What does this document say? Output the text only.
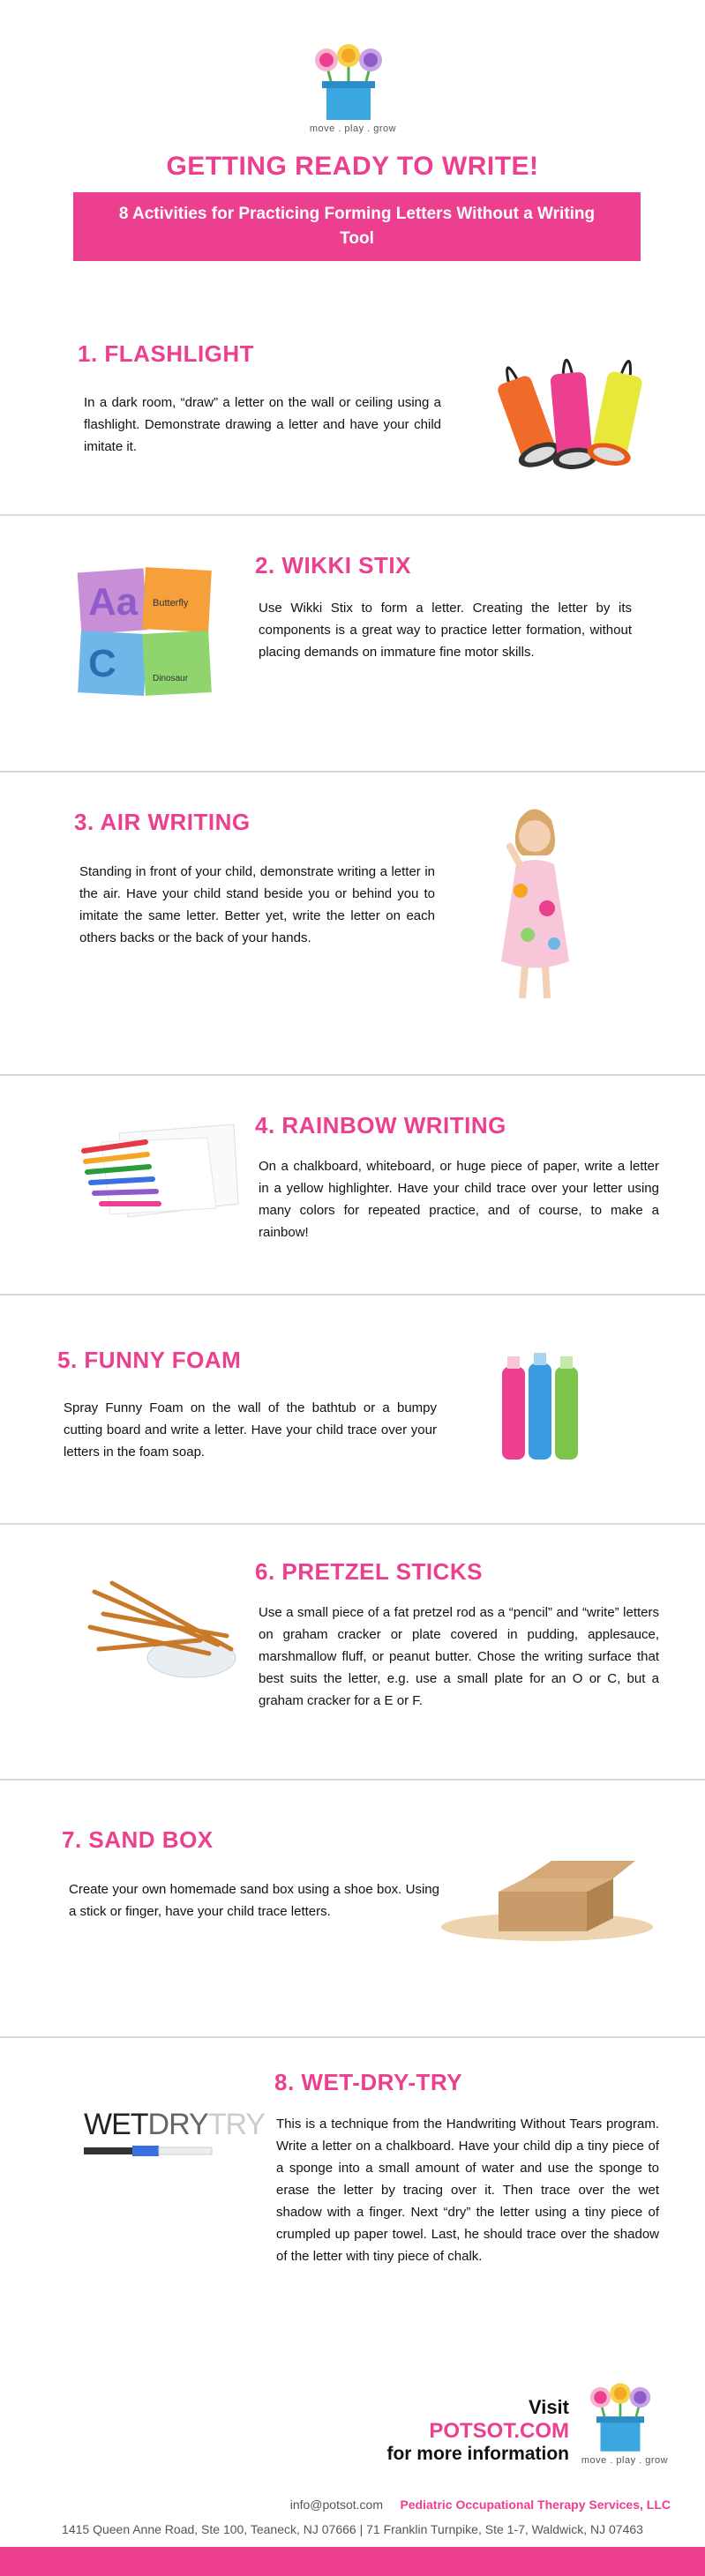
move . play . grow
GETTING READY TO WRITE!
8 Activities for Practicing Forming Letters Without a Writing Tool
1. FLASHLIGHT
In a dark room, “draw” a letter on the wall or ceiling using a flashlight. Demonstrate drawing a letter and have your child imitate it.
Aa Butterfly
C	Dinosaur
2. WIKKI STIX
Use Wikki Stix to form a letter. Creating the letter by its components is a great way to practice letter formation, without placing demands on immature fine motor skills.
3. AIR WRITING
Standing in front of your child, demonstrate writing a letter in the air. Have your child stand beside you or behind you to imitate the same letter. Better yet, write the letter on each others backs or the back of your hands.
4. RAINBOW WRITING
On a chalkboard, whiteboard, or huge piece of paper, write a letter in a yellow highlighter. Have your child trace over your letter using many colors for repeated practice, and of course, to make a rainbow!
5. FUNNY FOAM
Spray Funny Foam on the wall of the bathtub or a bumpy cutting board and write a letter. Have your child trace over your letters in the foam soap.
6. PRETZEL STICKS
Use a small piece of a fat pretzel rod as a “pencil” and “write” letters on graham cracker or plate covered in pudding, applesauce, marshmallow fluff, or peanut butter. Chose the writing surface that best suits the letter, e.g. use a small plate for an O or C, but a graham cracker for a E or F.
7. SAND BOX
Create your own homemade sand box using a shoe box. Using a stick or finger, have your child trace letters.
WETDRYTRY
8. WET-DRY-TRY
This is a technique from the Handwriting Without Tears program. Write a letter on a chalkboard. Have your child dip a tiny piece of a sponge into a small amount of water and use the sponge to erase the letter by tracing over it. Then trace over the wet shadow with a finger. Next “dry” the letter using a tiny piece of crumpled up paper towel. Last, he should trace over the shadow of the letter with tiny piece of chalk.
Visit
POTSOT.COM
for more information move . play . grow
info@potsot.com Pediatric Occupational Therapy Services, LLC
1415 Queen Anne Road, Ste 100, Teaneck, NJ 07666 | 71 Franklin Turnpike, Ste 1-7, Waldwick, NJ 07463
